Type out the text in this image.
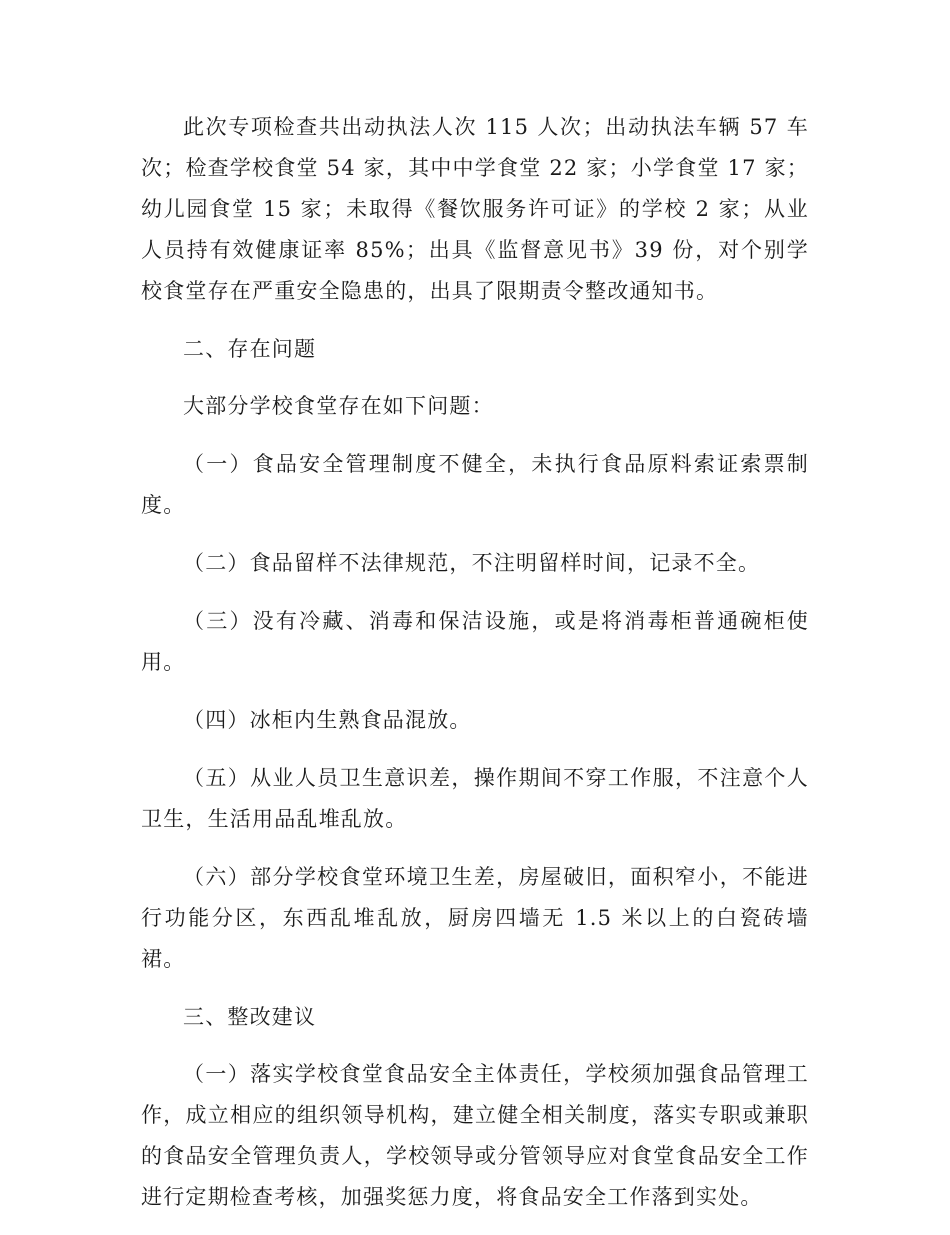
此次专项检查共出动执法人次 115 人次；出动执法车辆 57 车次；检查学校食堂 54 家，其中中学食堂 22 家；小学食堂 17 家；幼儿园食堂 15 家；未取得《餐饮服务许可证》的学校 2 家；从业人员持有效健康证率 85%；出具《监督意见书》39 份，对个别学校食堂存在严重安全隐患的，出具了限期责令整改通知书。

二、存在问题

大部分学校食堂存在如下问题：

（一）食品安全管理制度不健全，未执行食品原料索证索票制度。

（二）食品留样不法律规范，不注明留样时间，记录不全。

（三）没有冷藏、消毒和保洁设施，或是将消毒柜普通碗柜使用。

（四）冰柜内生熟食品混放。

（五）从业人员卫生意识差，操作期间不穿工作服，不注意个人卫生，生活用品乱堆乱放。

（六）部分学校食堂环境卫生差，房屋破旧，面积窄小，不能进行功能分区，东西乱堆乱放，厨房四墙无 1.5 米以上的白瓷砖墙裙。

三、整改建议

（一）落实学校食堂食品安全主体责任，学校须加强食品管理工作，成立相应的组织领导机构，建立健全相关制度，落实专职或兼职的食品安全管理负责人，学校领导或分管领导应对食堂食品安全工作进行定期检查考核，加强奖惩力度，将食品安全工作落到实处。
